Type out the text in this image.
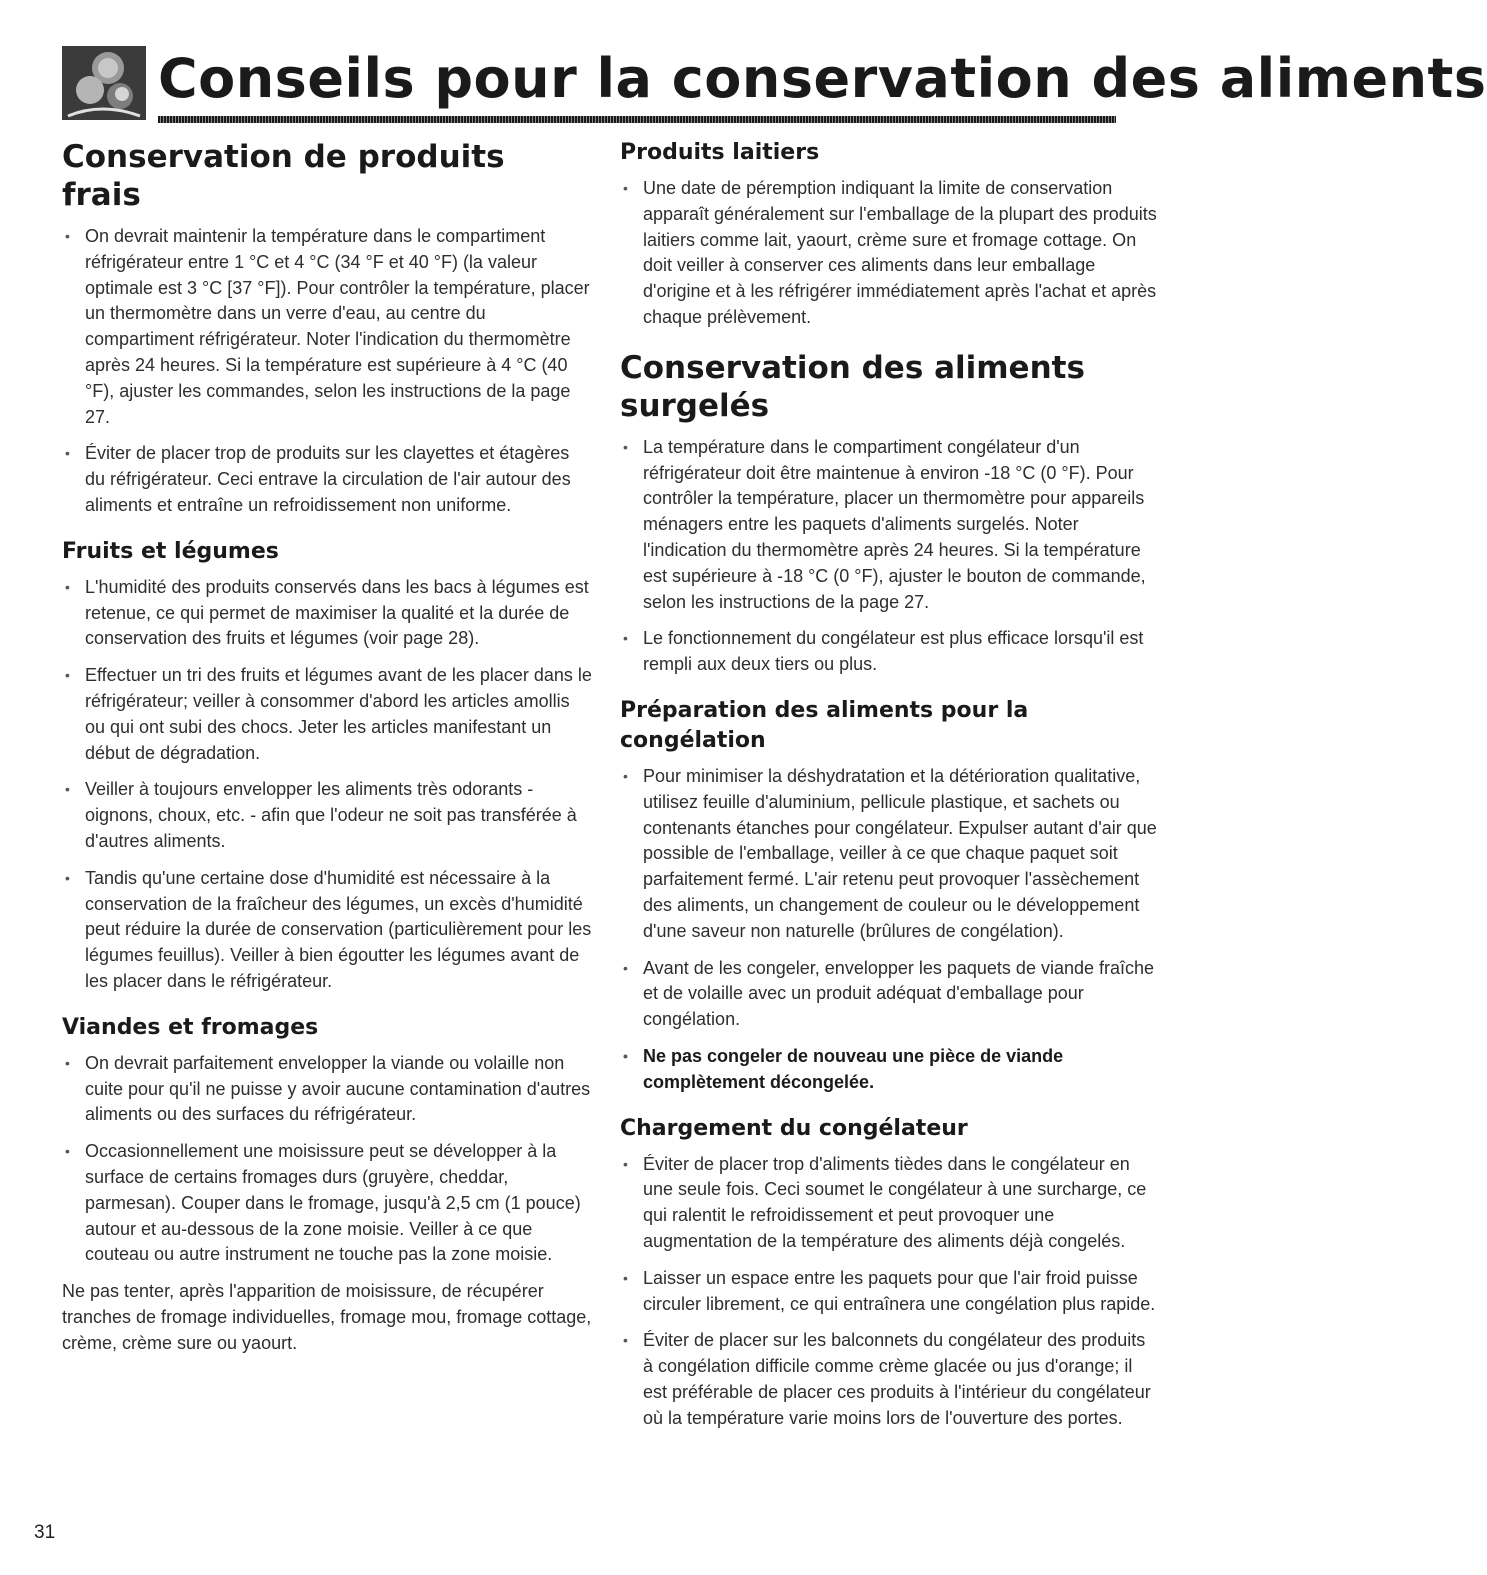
Conseils pour la conservation des aliments
Conservation de produits frais
• On devrait maintenir la température dans le compartiment réfrigérateur entre 1 °C et 4 °C (34 °F et 40 °F) (la valeur optimale est 3 °C [37 °F]). Pour contrôler la température, placer un thermomètre dans un verre d'eau, au centre du compartiment réfrigérateur. Noter l'indication du thermomètre après 24 heures. Si la température est supérieure à 4 °C (40 °F), ajuster les commandes, selon les instructions de la page 27.
• Éviter de placer trop de produits sur les clayettes et étagères du réfrigérateur. Ceci entrave la circulation de l'air autour des aliments et entraîne un refroidissement non uniforme.
Fruits et légumes
• L'humidité des produits conservés dans les bacs à légumes est retenue, ce qui permet de maximiser la qualité et la durée de conservation des fruits et légumes (voir page 28).
• Effectuer un tri des fruits et légumes avant de les placer dans le réfrigérateur; veiller à consommer d'abord les articles amollis ou qui ont subi des chocs. Jeter les articles manifestant un début de dégradation.
• Veiller à toujours envelopper les aliments très odorants - oignons, choux, etc. - afin que l'odeur ne soit pas transférée à d'autres aliments.
• Tandis qu'une certaine dose d'humidité est nécessaire à la conservation de la fraîcheur des légumes, un excès d'humidité peut réduire la durée de conservation (particulièrement pour les légumes feuillus). Veiller à bien égoutter les légumes avant de les placer dans le réfrigérateur.
Viandes et fromages
• On devrait parfaitement envelopper la viande ou volaille non cuite pour qu'il ne puisse y avoir aucune contamination d'autres aliments ou des surfaces du réfrigérateur.
• Occasionnellement une moisissure peut se développer à la surface de certains fromages durs (gruyère, cheddar, parmesan). Couper dans le fromage, jusqu'à 2,5 cm (1 pouce) autour et au-dessous de la zone moisie. Veiller à ce que couteau ou autre instrument ne touche pas la zone moisie.

Ne pas tenter, après l'apparition de moisissure, de récupérer tranches de fromage individuelles, fromage mou, fromage cottage, crème, crème sure ou yaourt.

Produits laitiers
• Une date de péremption indiquant la limite de conservation apparaît généralement sur l'emballage de la plupart des produits laitiers comme lait, yaourt, crème sure et fromage cottage. On doit veiller à conserver ces aliments dans leur emballage d'origine et à les réfrigérer immédiatement après l'achat et après chaque prélèvement.
Conservation des aliments surgelés
• La température dans le compartiment congélateur d'un réfrigérateur doit être maintenue à environ -18 °C (0 °F). Pour contrôler la température, placer un thermomètre pour appareils ménagers entre les paquets d'aliments surgelés. Noter l'indication du thermomètre après 24 heures. Si la température est supérieure à -18 °C (0 °F), ajuster le bouton de commande, selon les instructions de la page 27.
• Le fonctionnement du congélateur est plus efficace lorsqu'il est rempli aux deux tiers ou plus.
Préparation des aliments pour la congélation
• Pour minimiser la déshydratation et la détérioration qualitative, utilisez feuille d'aluminium, pellicule plastique, et sachets ou contenants étanches pour congélateur. Expulser autant d'air que possible de l'emballage, veiller à ce que chaque paquet soit parfaitement fermé. L'air retenu peut provoquer l'assèchement des aliments, un changement de couleur ou le développement d'une saveur non naturelle (brûlures de congélation).
• Avant de les congeler, envelopper les paquets de viande fraîche et de volaille avec un produit adéquat d'emballage pour congélation.
• Ne pas congeler de nouveau une pièce de viande complètement décongelée.
Chargement du congélateur
• Éviter de placer trop d'aliments tièdes dans le congélateur en une seule fois. Ceci soumet le congélateur à une surcharge, ce qui ralentit le refroidissement et peut provoquer une augmentation de la température des aliments déjà congelés.
• Laisser un espace entre les paquets pour que l'air froid puisse circuler librement, ce qui entraînera une congélation plus rapide.
• Éviter de placer sur les balconnets du congélateur des produits à congélation difficile comme crème glacée ou jus d'orange; il est préférable de placer ces produits à l'intérieur du congélateur où la température varie moins lors de l'ouverture des portes.
31
